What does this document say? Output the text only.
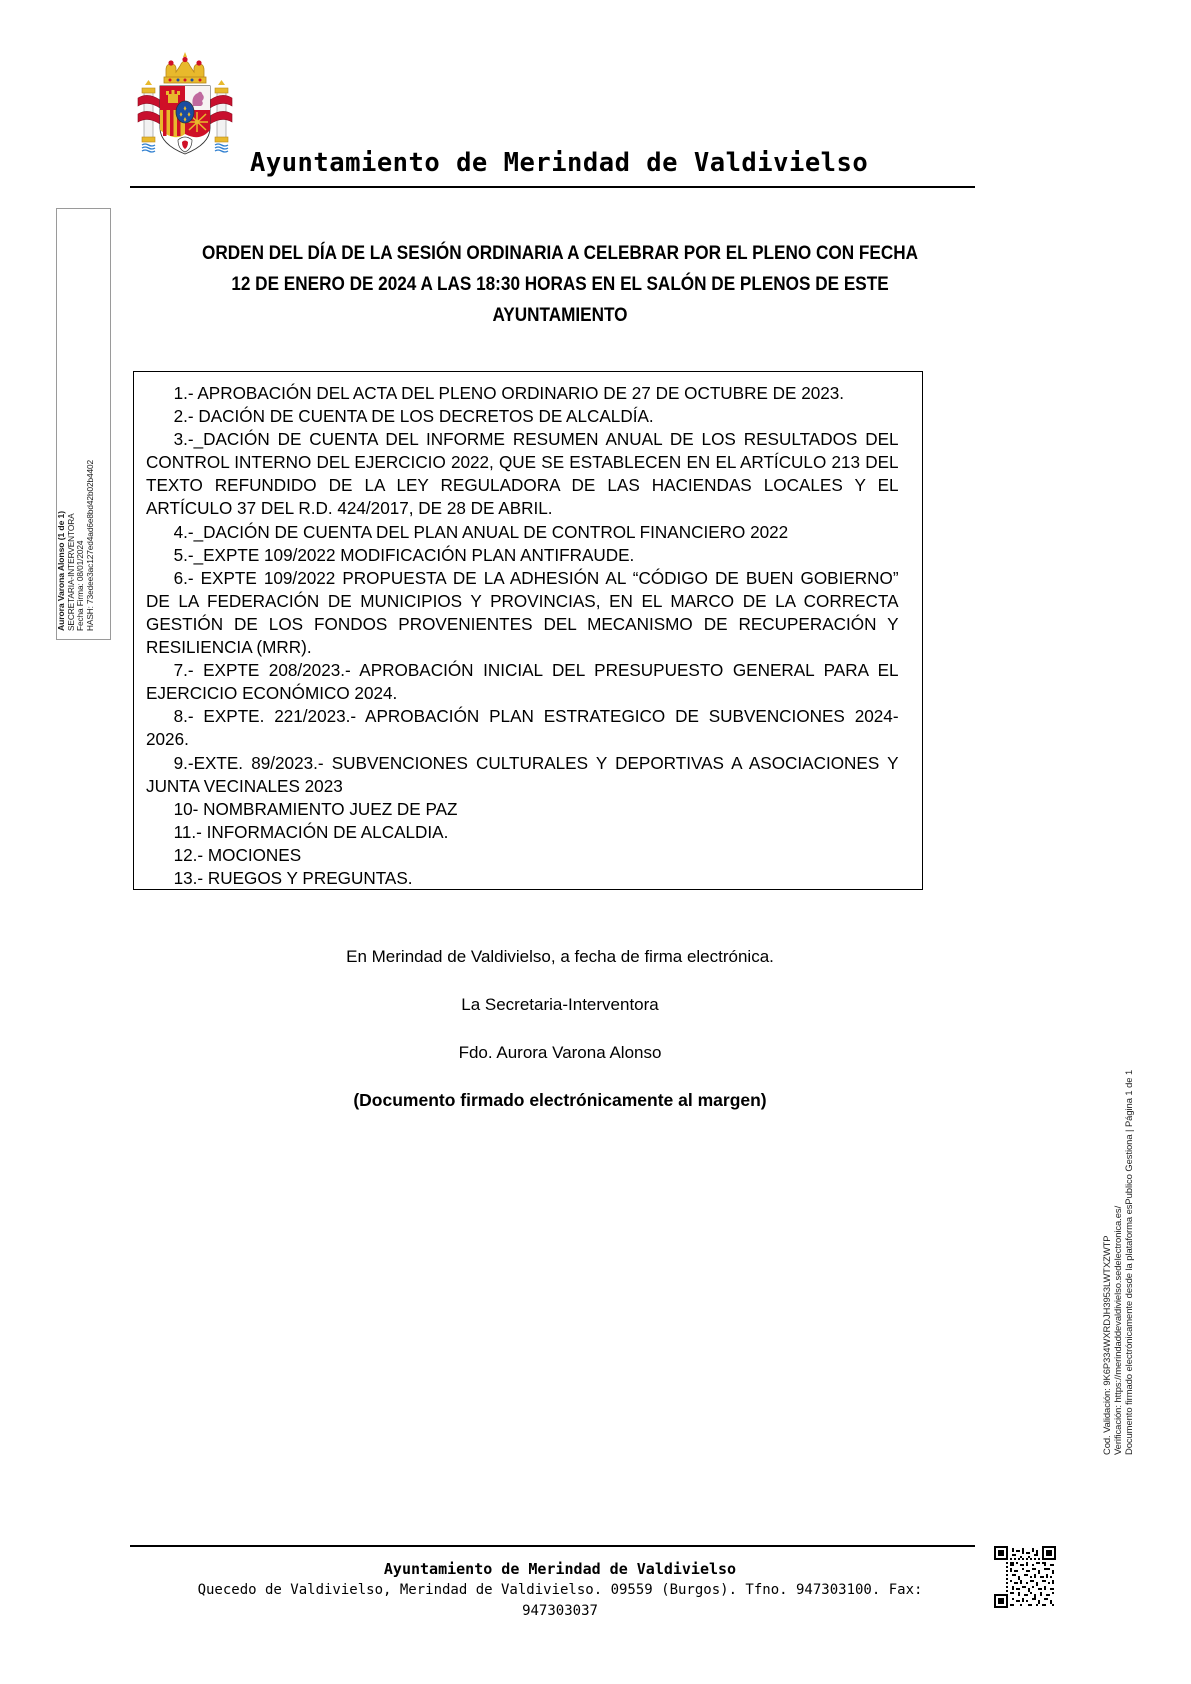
Ayuntamiento de Merindad de Valdivielso
Aurora Varona Alonso (1 de 1) SECRETARIA-INTERVENTORA Fecha Firma: 08/01/2024 HASH: 73edee3ac127ed4ad6e8bd42b02b4402
ORDEN DEL DÍA DE LA SESIÓN ORDINARIA A CELEBRAR POR EL PLENO CON FECHA 12 DE ENERO DE 2024 A LAS 18:30 HORAS EN EL SALÓN DE PLENOS DE ESTE AYUNTAMIENTO

1.- APROBACIÓN DEL ACTA DEL PLENO ORDINARIO DE 27 DE OCTUBRE DE 2023.

2.- DACIÓN DE CUENTA DE LOS DECRETOS DE ALCALDÍA.

3.-_DACIÓN DE CUENTA DEL INFORME RESUMEN ANUAL DE LOS RESULTADOS DEL CONTROL INTERNO DEL EJERCICIO 2022, QUE SE ESTABLECEN EN EL ARTÍCULO 213 DEL TEXTO REFUNDIDO DE LA LEY REGULADORA DE LAS HACIENDAS LOCALES Y EL ARTÍCULO 37 DEL R.D. 424/2017, DE 28 DE ABRIL.

4.-_DACIÓN DE CUENTA DEL PLAN ANUAL DE CONTROL FINANCIERO 2022

5.-_EXPTE 109/2022 MODIFICACIÓN PLAN ANTIFRAUDE.

6.- EXPTE 109/2022 PROPUESTA DE LA ADHESIÓN AL “CÓDIGO DE BUEN GOBIERNO” DE LA FEDERACIÓN DE MUNICIPIOS Y PROVINCIAS, EN EL MARCO DE LA CORRECTA GESTIÓN DE LOS FONDOS PROVENIENTES DEL MECANISMO DE RECUPERACIÓN Y RESILIENCIA (MRR).

7.- EXPTE 208/2023.- APROBACIÓN INICIAL DEL PRESUPUESTO GENERAL PARA EL EJERCICIO ECONÓMICO 2024.

8.- EXPTE. 221/2023.- APROBACIÓN PLAN ESTRATEGICO DE SUBVENCIONES 2024-2026.

9.-EXTE. 89/2023.- SUBVENCIONES CULTURALES Y DEPORTIVAS A ASOCIACIONES Y JUNTA VECINALES 2023

10- NOMBRAMIENTO JUEZ DE PAZ

11.- INFORMACIÓN DE ALCALDIA.

12.- MOCIONES

13.- RUEGOS Y PREGUNTAS.

En Merindad de Valdivielso, a fecha de firma electrónica.
La Secretaria-Interventora
Fdo. Aurora Varona Alonso
(Documento firmado electrónicamente al margen)
Cod. Validación: 9K6P334WXRDJH3953LWTXZWTP Verificación: https://merindaddevaldivielso.sedelectronica.es/ Documento firmado electrónicamente desde la plataforma esPublico Gestiona | Página 1 de 1
Ayuntamiento de Merindad de Valdivielso
Quecedo de Valdivielso, Merindad de Valdivielso. 09559 (Burgos). Tfno. 947303100. Fax:
947303037
